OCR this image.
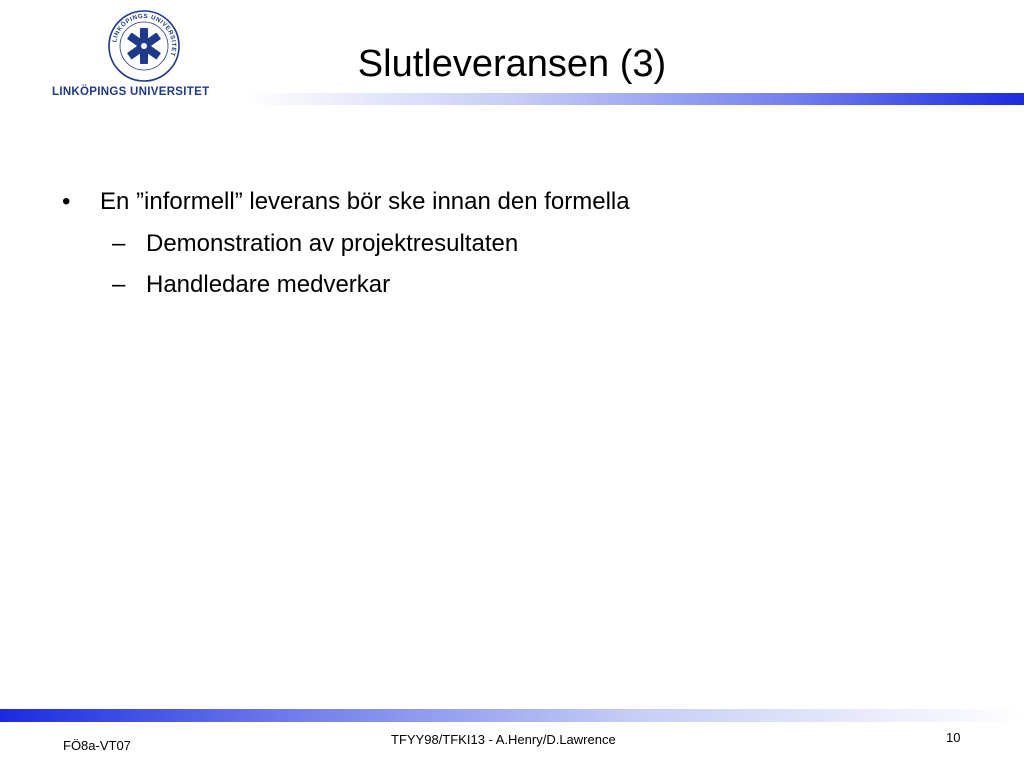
LINKÖPINGS UNIVERSITET
LINKÖPINGS UNIVERSITET
Slutleveransen (3)
• En ”informell” leverans bör ske innan den formella
– Demonstration av projektresultaten
– Handledare medverkar
FÖ8a-VT07	TFYY98/TFKI13 - A.Henry/D.Lawrence	10
